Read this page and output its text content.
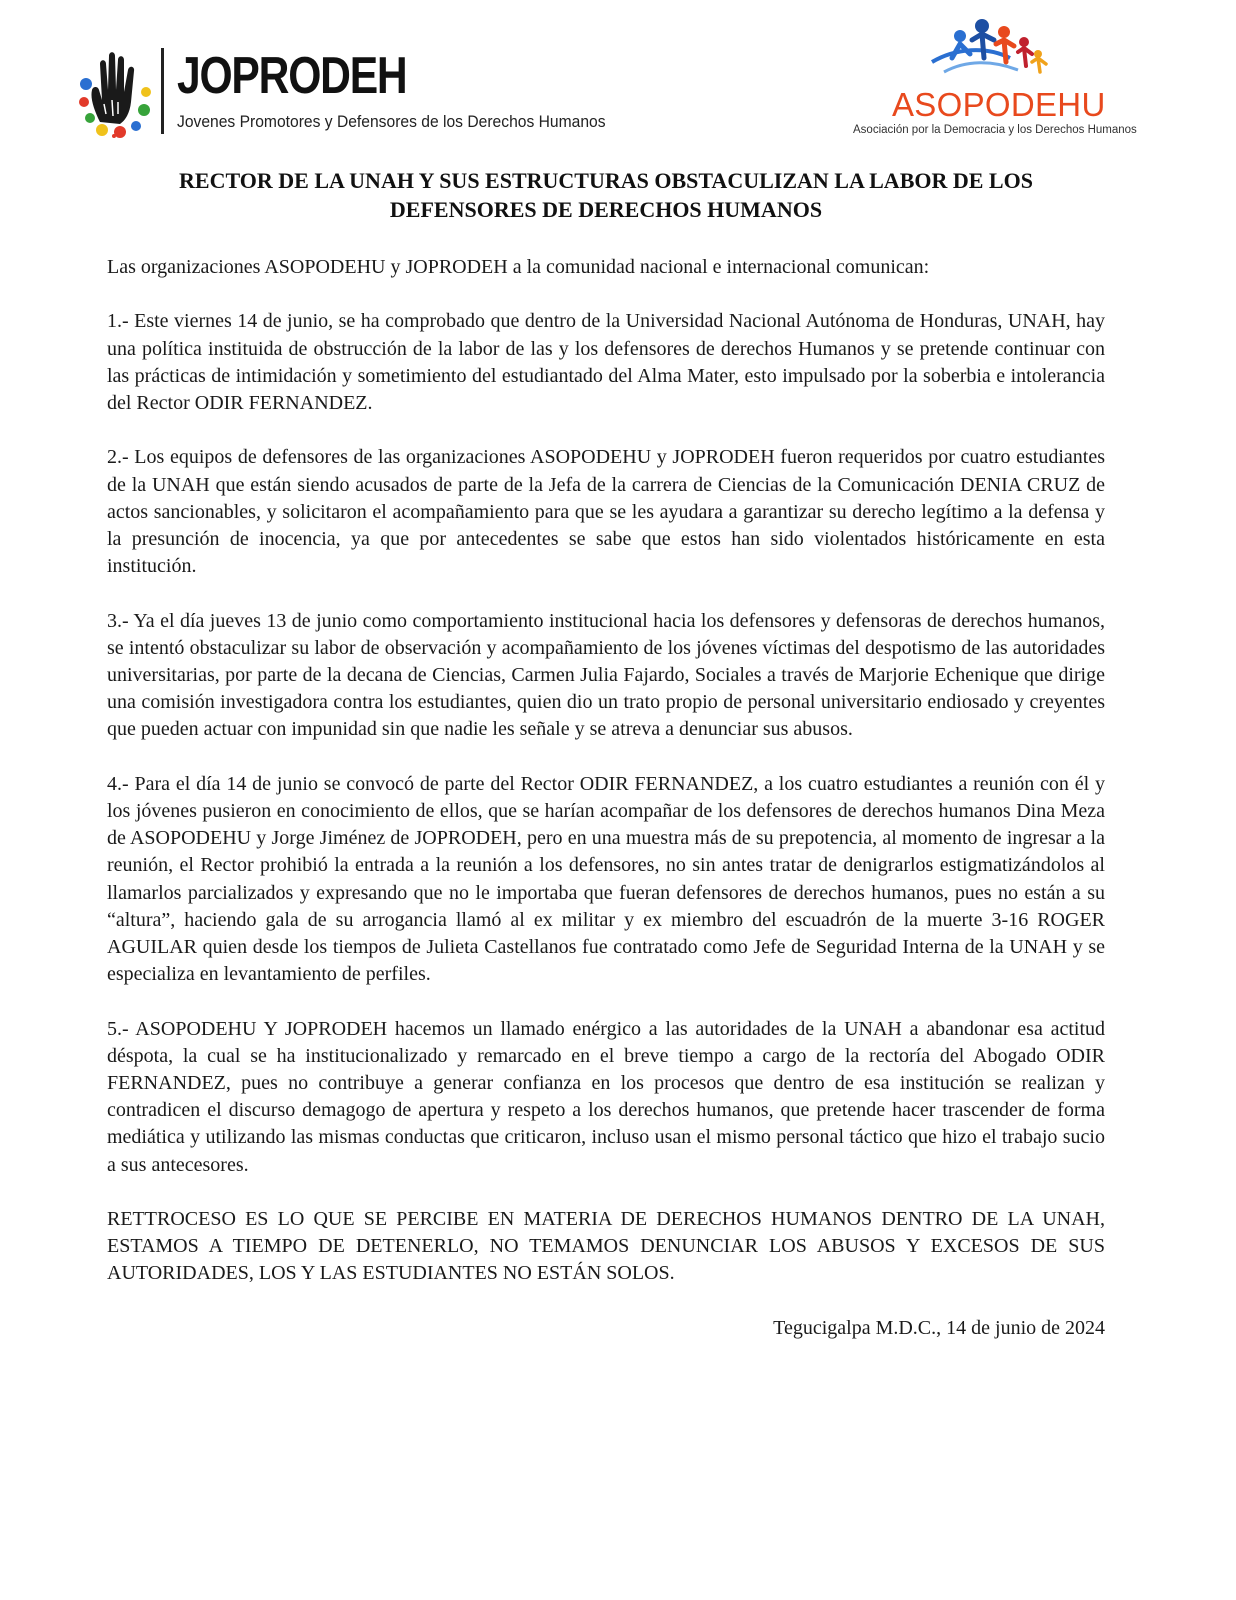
JOPRODEH
Jovenes Promotores y Defensores de los Derechos Humanos	ASOPODEHU
Asociación por la Democracia y los Derechos Humanos
RECTOR DE LA UNAH Y SUS ESTRUCTURAS OBSTACULIZAN LA LABOR DE LOS
DEFENSORES DE DERECHOS HUMANOS

Las organizaciones ASOPODEHU y JOPRODEH a la comunidad nacional e internacional comunican:

1.- Este viernes 14 de junio, se ha comprobado que dentro de la Universidad Nacional Autónoma de Honduras, UNAH, hay una política instituida de obstrucción de la labor de las y los defensores de derechos Humanos y se pretende continuar con las prácticas de intimidación y sometimiento del estudiantado del Alma Mater, esto impulsado por la soberbia e intolerancia del Rector ODIR FERNANDEZ.

2.- Los equipos de defensores de las organizaciones ASOPODEHU y JOPRODEH fueron requeridos por cuatro estudiantes de la UNAH que están siendo acusados de parte de la Jefa de la carrera de Ciencias de la Comunicación DENIA CRUZ de actos sancionables, y solicitaron el acompañamiento para que se les ayudara a garantizar su derecho legítimo a la defensa y la presunción de inocencia, ya que por antecedentes se sabe que estos han sido violentados históricamente en esta institución.

3.- Ya el día jueves 13 de junio como comportamiento institucional hacia los defensores y defensoras de derechos humanos, se intentó obstaculizar su labor de observación y acompañamiento de los jóvenes víctimas del despotismo de las autoridades universitarias, por parte de la decana de Ciencias, Carmen Julia Fajardo, Sociales a través de Marjorie Echenique que dirige una comisión investigadora contra los estudiantes, quien dio un trato propio de personal universitario endiosado y creyentes que pueden actuar con impunidad sin que nadie les señale y se atreva a denunciar sus abusos.

4.- Para el día 14 de junio se convocó de parte del Rector ODIR FERNANDEZ, a los cuatro estudiantes a reunión con él y los jóvenes pusieron en conocimiento de ellos, que se harían acompañar de los defensores de derechos humanos Dina Meza de ASOPODEHU y Jorge Jiménez de JOPRODEH, pero en una muestra más de su prepotencia, al momento de ingresar a la reunión, el Rector prohibió la entrada a la reunión a los defensores, no sin antes tratar de denigrarlos estigmatizándolos al llamarlos parcializados y expresando que no le importaba que fueran defensores de derechos humanos, pues no están a su “altura”, haciendo gala de su arrogancia llamó al ex militar y ex miembro del escuadrón de la muerte 3-16 ROGER AGUILAR quien desde los tiempos de Julieta Castellanos fue contratado como Jefe de Seguridad Interna de la UNAH y se especializa en levantamiento de perfiles.

5.- ASOPODEHU Y JOPRODEH hacemos un llamado enérgico a las autoridades de la UNAH a abandonar esa actitud déspota, la cual se ha institucionalizado y remarcado en el breve tiempo a cargo de la rectoría del Abogado ODIR FERNANDEZ, pues no contribuye a generar confianza en los procesos que dentro de esa institución se realizan y contradicen el discurso demagogo de apertura y respeto a los derechos humanos, que pretende hacer trascender de forma mediática y utilizando las mismas conductas que criticaron, incluso usan el mismo personal táctico que hizo el trabajo sucio a sus antecesores.

RETTROCESO ES LO QUE SE PERCIBE EN MATERIA DE DERECHOS HUMANOS DENTRO DE LA UNAH, ESTAMOS A TIEMPO DE DETENERLO, NO TEMAMOS DENUNCIAR LOS ABUSOS Y EXCESOS DE SUS AUTORIDADES, LOS Y LAS ESTUDIANTES NO ESTÁN SOLOS.

Tegucigalpa M.D.C., 14 de junio de 2024
